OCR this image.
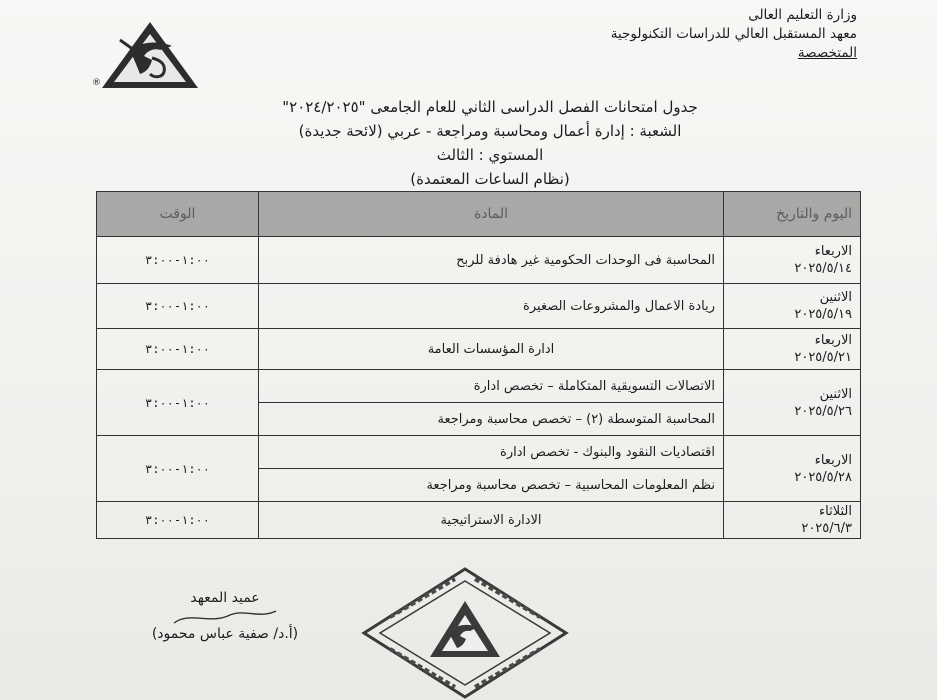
وزارة التعليم العالى
معهد المستقبل العالي للدراسات التكنولوجية
المتخصصة
®
جدول امتحانات الفصل الدراسى الثاني للعام الجامعى "٢٠٢٤/٢٠٢٥"
الشعبة : إدارة أعمال ومحاسبة ومراجعة - عربي (لائحة جديدة)
المستوي : الثالث
(نظام الساعات المعتمدة)
اليوم والتاريخ	المادة	الوقت

الاربعاء
٢٠٢٥/٥/١٤	المحاسبة فى الوحدات الحكومية غير هادفة للربح	١:٠٠-٣:٠٠

الاثنين
٢٠٢٥/٥/١٩	ريادة الاعمال والمشروعات الصغيرة	١:٠٠-٣:٠٠

الاربعاء
٢٠٢٥/٥/٢١	ادارة المؤسسات العامة	١:٠٠-٣:٠٠

الاثنين
٢٠٢٥/٥/٢٦	الاتصالات التسويقية المتكاملة – تخصص ادارة	١:٠٠-٣:٠٠
	المحاسبة المتوسطة (٢) – تخصص محاسبة ومراجعة	

الاربعاء
٢٠٢٥/٥/٢٨	اقتصاديات النقود والبنوك - تخصص ادارة	١:٠٠-٣:٠٠
	نظم المعلومات المحاسبية – تخصص محاسبة ومراجعة	

الثلاثاء
٢٠٢٥/٦/٣	الادارة الاستراتيجية	١:٠٠-٣:٠٠
عميد المعهد
(أ.د/ صفية عباس محمود)
